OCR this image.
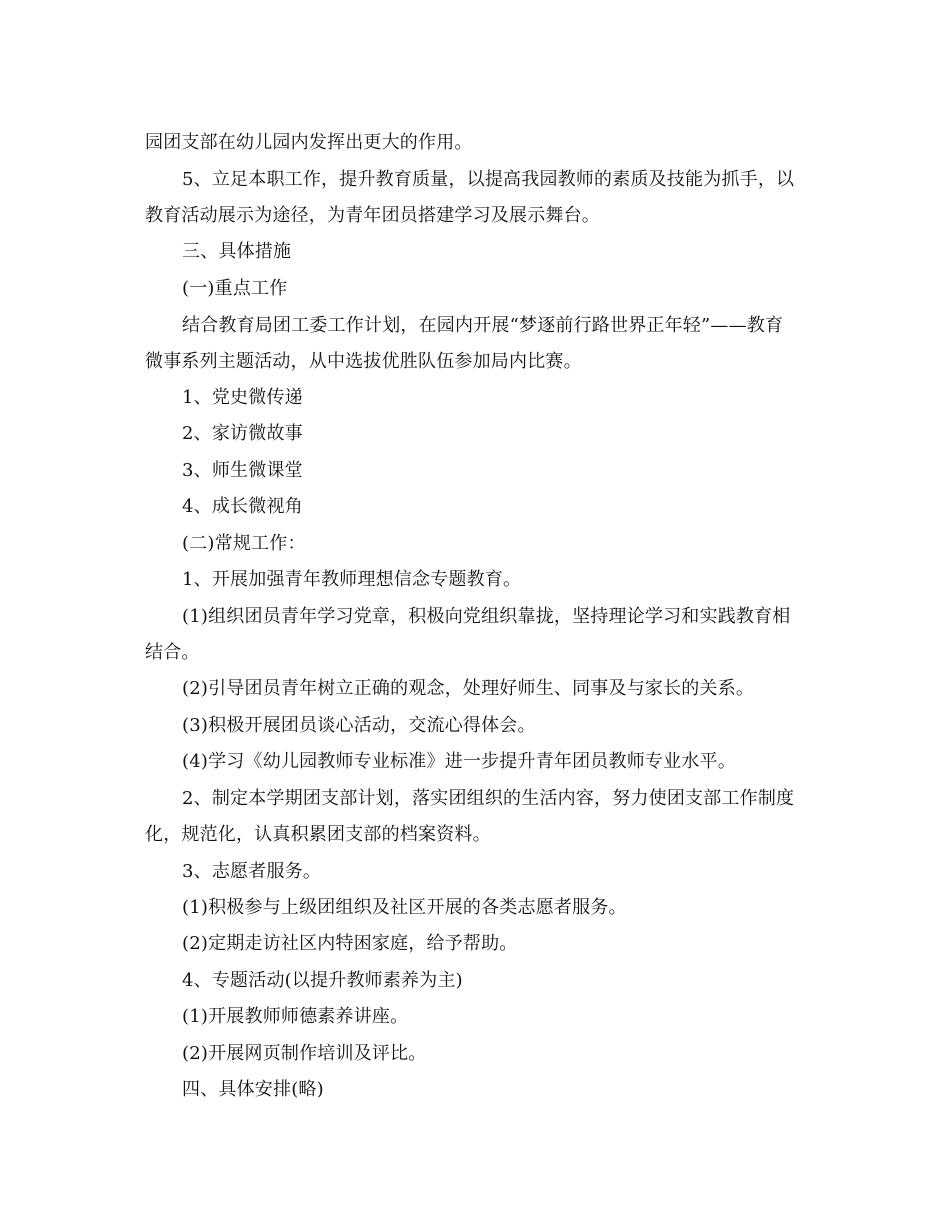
园团支部在幼儿园内发挥出更大的作用。
5、立足本职工作，提升教育质量，以提高我园教师的素质及技能为抓手，以
教育活动展示为途径，为青年团员搭建学习及展示舞台。
三、具体措施
(一)重点工作
结合教育局团工委工作计划，在园内开展“梦逐前行路世界正年轻”——教育
微事系列主题活动，从中选拔优胜队伍参加局内比赛。
1、党史微传递
2、家访微故事
3、师生微课堂
4、成长微视角
(二)常规工作：
1、开展加强青年教师理想信念专题教育。
(1)组织团员青年学习党章，积极向党组织靠拢，坚持理论学习和实践教育相
结合。
(2)引导团员青年树立正确的观念，处理好师生、同事及与家长的关系。
(3)积极开展团员谈心活动，交流心得体会。
(4)学习《幼儿园教师专业标准》进一步提升青年团员教师专业水平。
2、制定本学期团支部计划，落实团组织的生活内容，努力使团支部工作制度
化，规范化，认真积累团支部的档案资料。
3、志愿者服务。
(1)积极参与上级团组织及社区开展的各类志愿者服务。
(2)定期走访社区内特困家庭，给予帮助。
4、专题活动(以提升教师素养为主)
(1)开展教师师德素养讲座。
(2)开展网页制作培训及评比。
四、具体安排(略)
